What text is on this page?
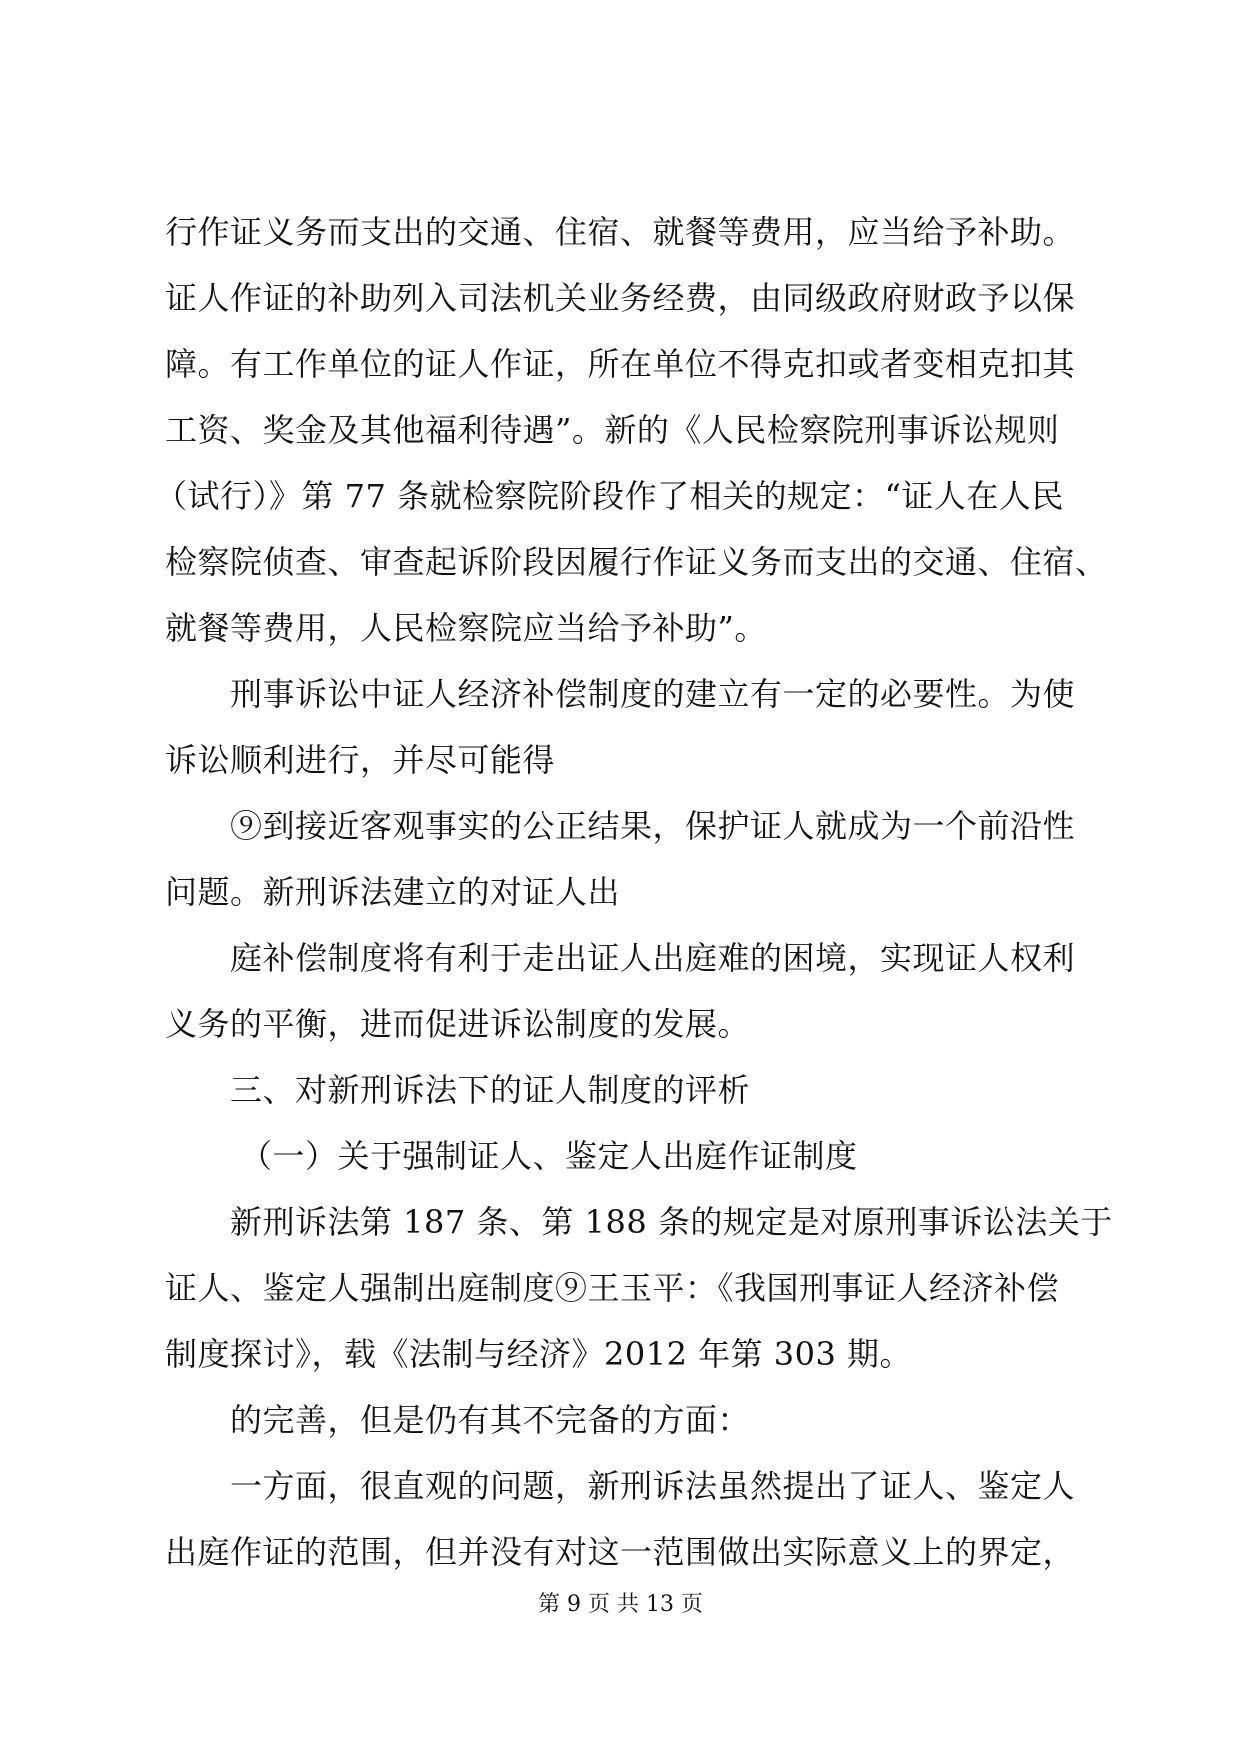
行作证义务而支出的交通、住宿、就餐等费用，应当给予补助。
证人作证的补助列入司法机关业务经费，由同级政府财政予以保
障。有工作单位的证人作证，所在单位不得克扣或者变相克扣其
工资、奖金及其他福利待遇”。新的《人民检察院刑事诉讼规则
（试行）》第 77 条就检察院阶段作了相关的规定：“证人在人民
检察院侦查、审查起诉阶段因履行作证义务而支出的交通、住宿、
就餐等费用，人民检察院应当给予补助”。
刑事诉讼中证人经济补偿制度的建立有一定的必要性。为使
诉讼顺利进行，并尽可能得
⑨到接近客观事实的公正结果，保护证人就成为一个前沿性
问题。新刑诉法建立的对证人出
庭补偿制度将有利于走出证人出庭难的困境，实现证人权利
义务的平衡，进而促进诉讼制度的发展。
三、对新刑诉法下的证人制度的评析
（一）关于强制证人、鉴定人出庭作证制度
新刑诉法第 187 条、第 188 条的规定是对原刑事诉讼法关于
证人、鉴定人强制出庭制度⑨王玉平：《我国刑事证人经济补偿
制度探讨》，载《法制与经济》2012 年第 303 期。
的完善，但是仍有其不完备的方面：
一方面，很直观的问题，新刑诉法虽然提出了证人、鉴定人
出庭作证的范围，但并没有对这一范围做出实际意义上的界定，
第 9 页 共 13 页
